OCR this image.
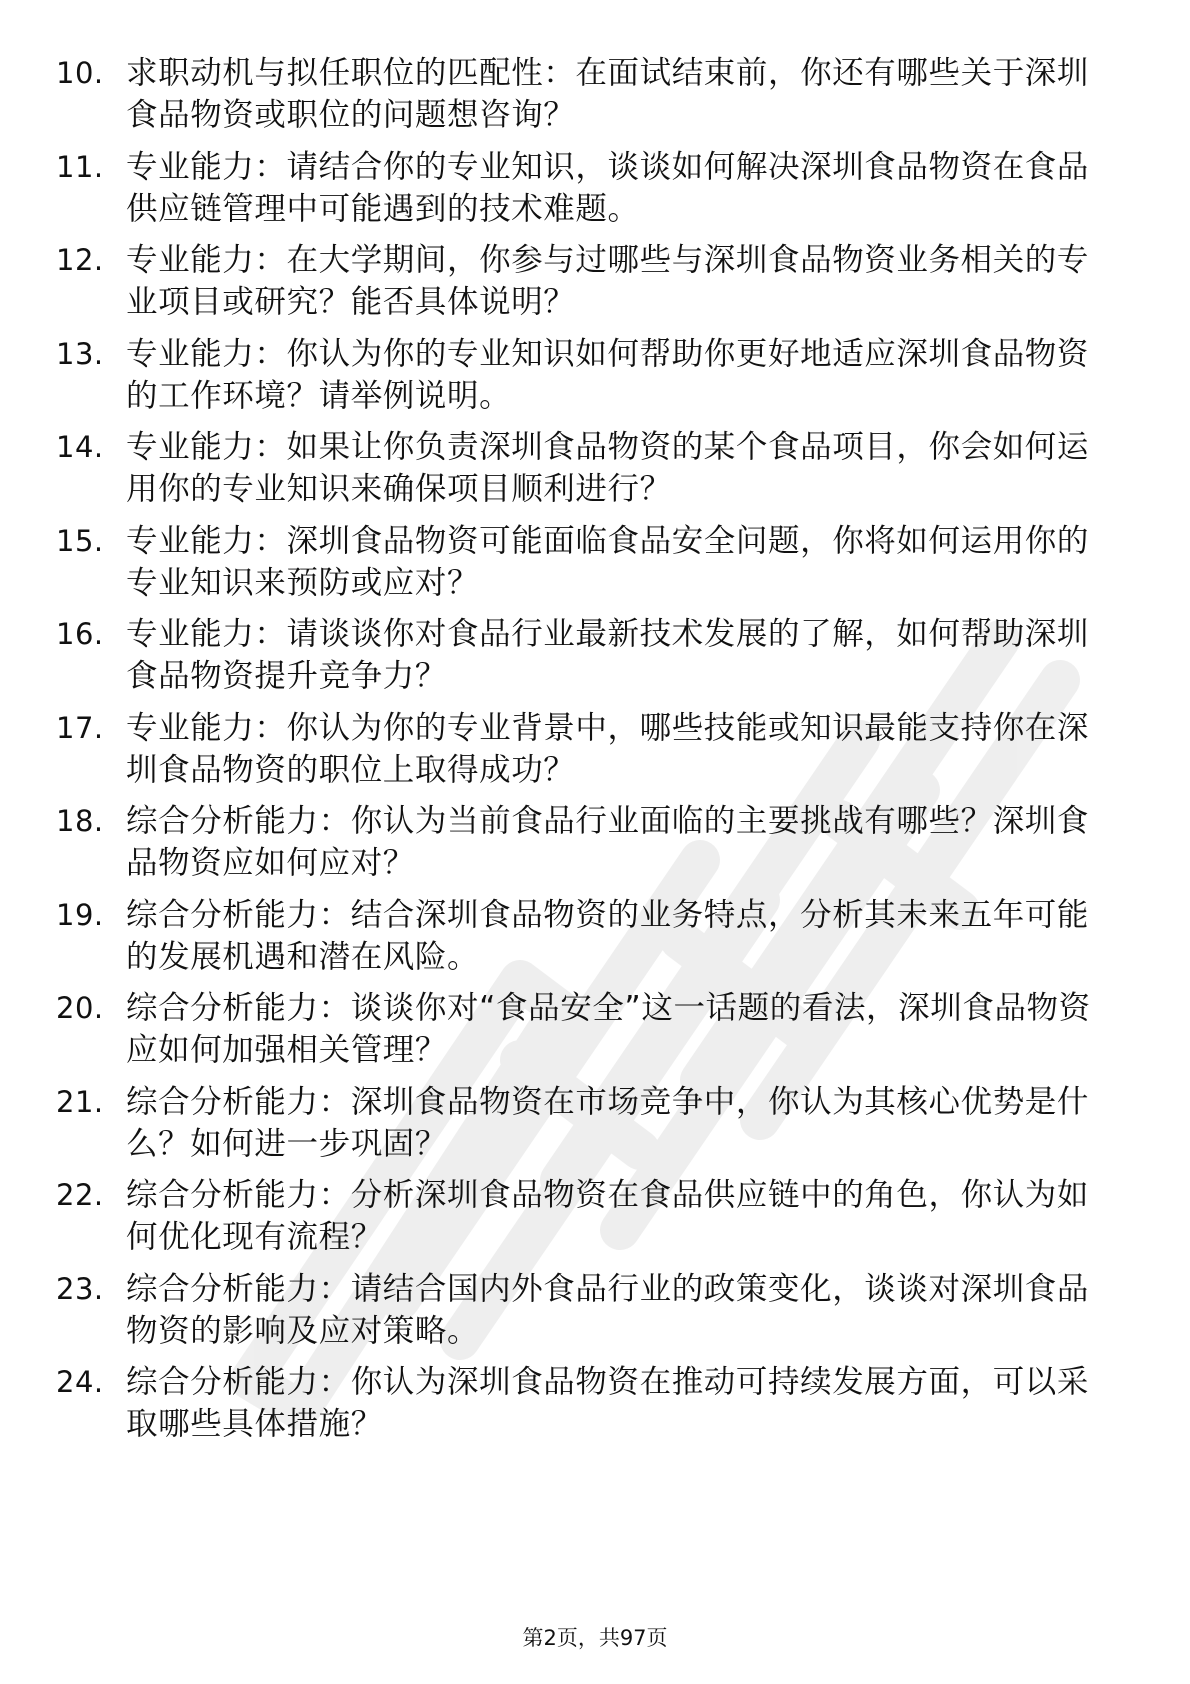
10. 求职动机与拟任职位的匹配性：在面试结束前，你还有哪些关于深圳食品物资或职位的问题想咨询？
11. 专业能力：请结合你的专业知识，谈谈如何解决深圳食品物资在食品供应链管理中可能遇到的技术难题。
12. 专业能力：在大学期间，你参与过哪些与深圳食品物资业务相关的专业项目或研究？能否具体说明？
13. 专业能力：你认为你的专业知识如何帮助你更好地适应深圳食品物资的工作环境？请举例说明。
14. 专业能力：如果让你负责深圳食品物资的某个食品项目，你会如何运用你的专业知识来确保项目顺利进行？
15. 专业能力：深圳食品物资可能面临食品安全问题，你将如何运用你的专业知识来预防或应对？
16. 专业能力：请谈谈你对食品行业最新技术发展的了解，如何帮助深圳食品物资提升竞争力？
17. 专业能力：你认为你的专业背景中，哪些技能或知识最能支持你在深圳食品物资的职位上取得成功？
18. 综合分析能力：你认为当前食品行业面临的主要挑战有哪些？深圳食品物资应如何应对？
19. 综合分析能力：结合深圳食品物资的业务特点，分析其未来五年可能的发展机遇和潜在风险。
20. 综合分析能力：谈谈你对“食品安全”这一话题的看法，深圳食品物资应如何加强相关管理？
21. 综合分析能力：深圳食品物资在市场竞争中，你认为其核心优势是什么？如何进一步巩固？
22. 综合分析能力：分析深圳食品物资在食品供应链中的角色，你认为如何优化现有流程？
23. 综合分析能力：请结合国内外食品行业的政策变化，谈谈对深圳食品物资的影响及应对策略。
24. 综合分析能力：你认为深圳食品物资在推动可持续发展方面，可以采取哪些具体措施？
第2页，共97页
